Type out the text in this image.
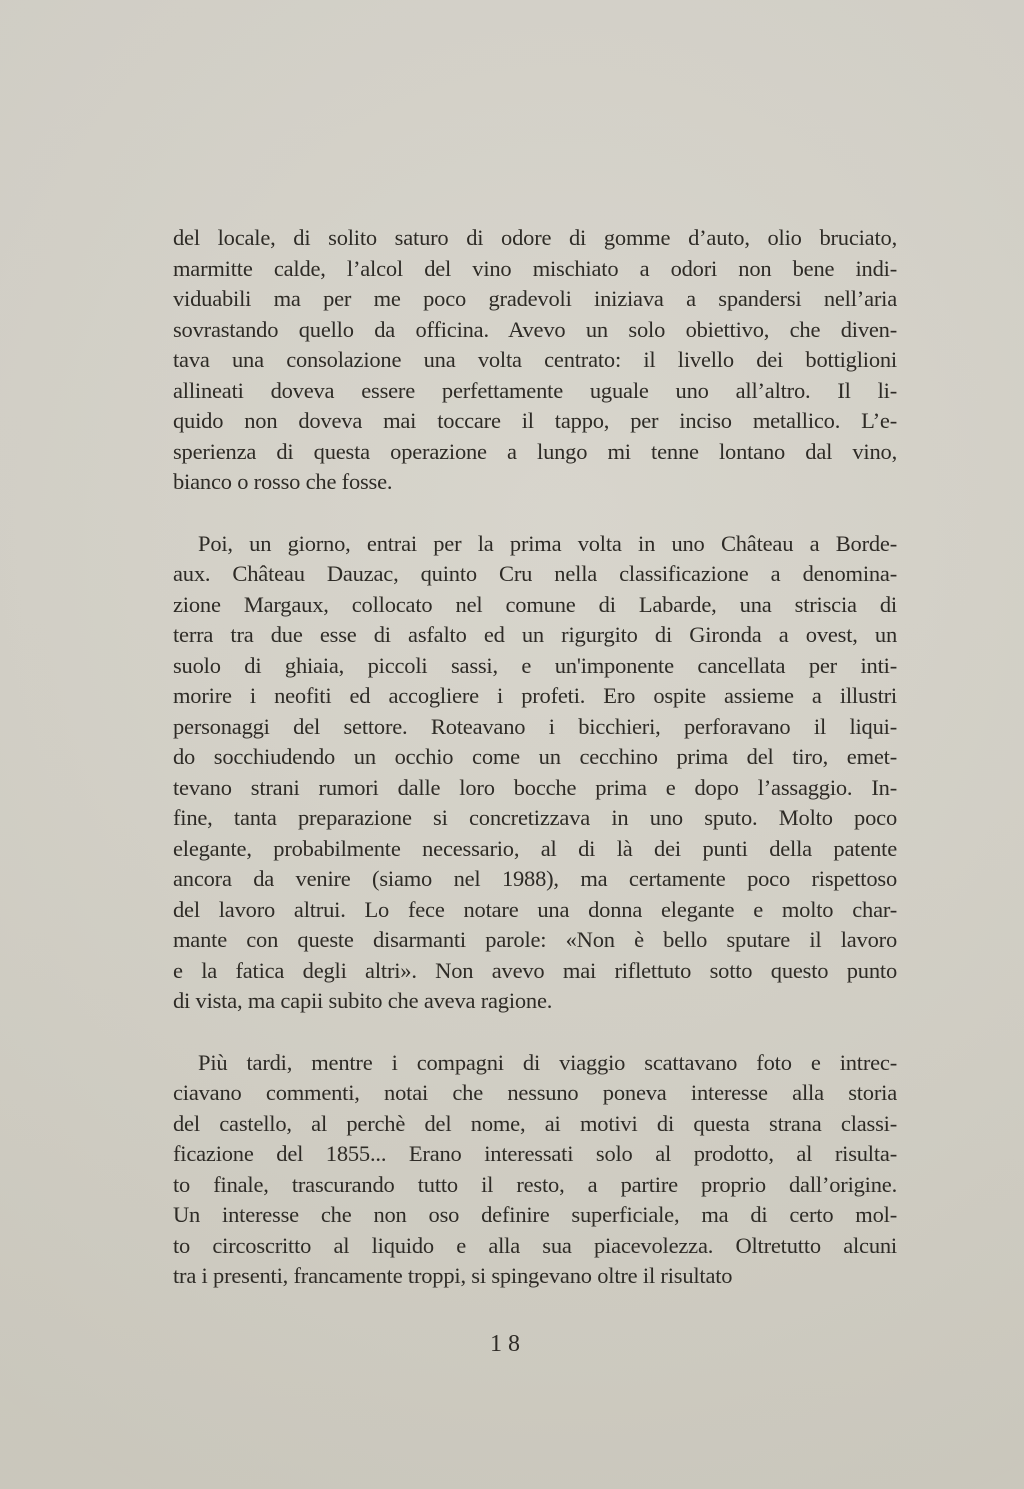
del locale, di solito saturo di odore di gomme d’auto, olio bruciato,
marmitte calde, l’alcol del vino mischiato a odori non bene indi-
viduabili ma per me poco gradevoli iniziava a spandersi nell’aria
sovrastando quello da officina. Avevo un solo obiettivo, che diven-
tava una consolazione una volta centrato: il livello dei bottiglioni
allineati doveva essere perfettamente uguale uno all’altro. Il li-
quido non doveva mai toccare il tappo, per inciso metallico. L’e-
sperienza di questa operazione a lungo mi tenne lontano dal vino,
bianco o rosso che fosse.
Poi, un giorno, entrai per la prima volta in uno Château a Borde-
aux. Château Dauzac, quinto Cru nella classificazione a denomina-
zione Margaux, collocato nel comune di Labarde, una striscia di
terra tra due esse di asfalto ed un rigurgito di Gironda a ovest, un
suolo di ghiaia, piccoli sassi, e un'imponente cancellata per inti-
morire i neofiti ed accogliere i profeti. Ero ospite assieme a illustri
personaggi del settore. Roteavano i bicchieri, perforavano il liqui-
do socchiudendo un occhio come un cecchino prima del tiro, emet-
tevano strani rumori dalle loro bocche prima e dopo l’assaggio. In-
fine, tanta preparazione si concretizzava in uno sputo. Molto poco
elegante, probabilmente necessario, al di là dei punti della patente
ancora da venire (siamo nel 1988), ma certamente poco rispettoso
del lavoro altrui. Lo fece notare una donna elegante e molto char-
mante con queste disarmanti parole: «Non è bello sputare il lavoro
e la fatica degli altri». Non avevo mai riflettuto sotto questo punto
di vista, ma capii subito che aveva ragione.
Più tardi, mentre i compagni di viaggio scattavano foto e intrec-
ciavano commenti, notai che nessuno poneva interesse alla storia
del castello, al perchè del nome, ai motivi di questa strana classi-
ficazione del 1855... Erano interessati solo al prodotto, al risulta-
to finale, trascurando tutto il resto, a partire proprio dall’origine.
Un interesse che non oso definire superficiale, ma di certo mol-
to circoscritto al liquido e alla sua piacevolezza. Oltretutto alcuni
tra i presenti, francamente troppi, si spingevano oltre il risultato
18
